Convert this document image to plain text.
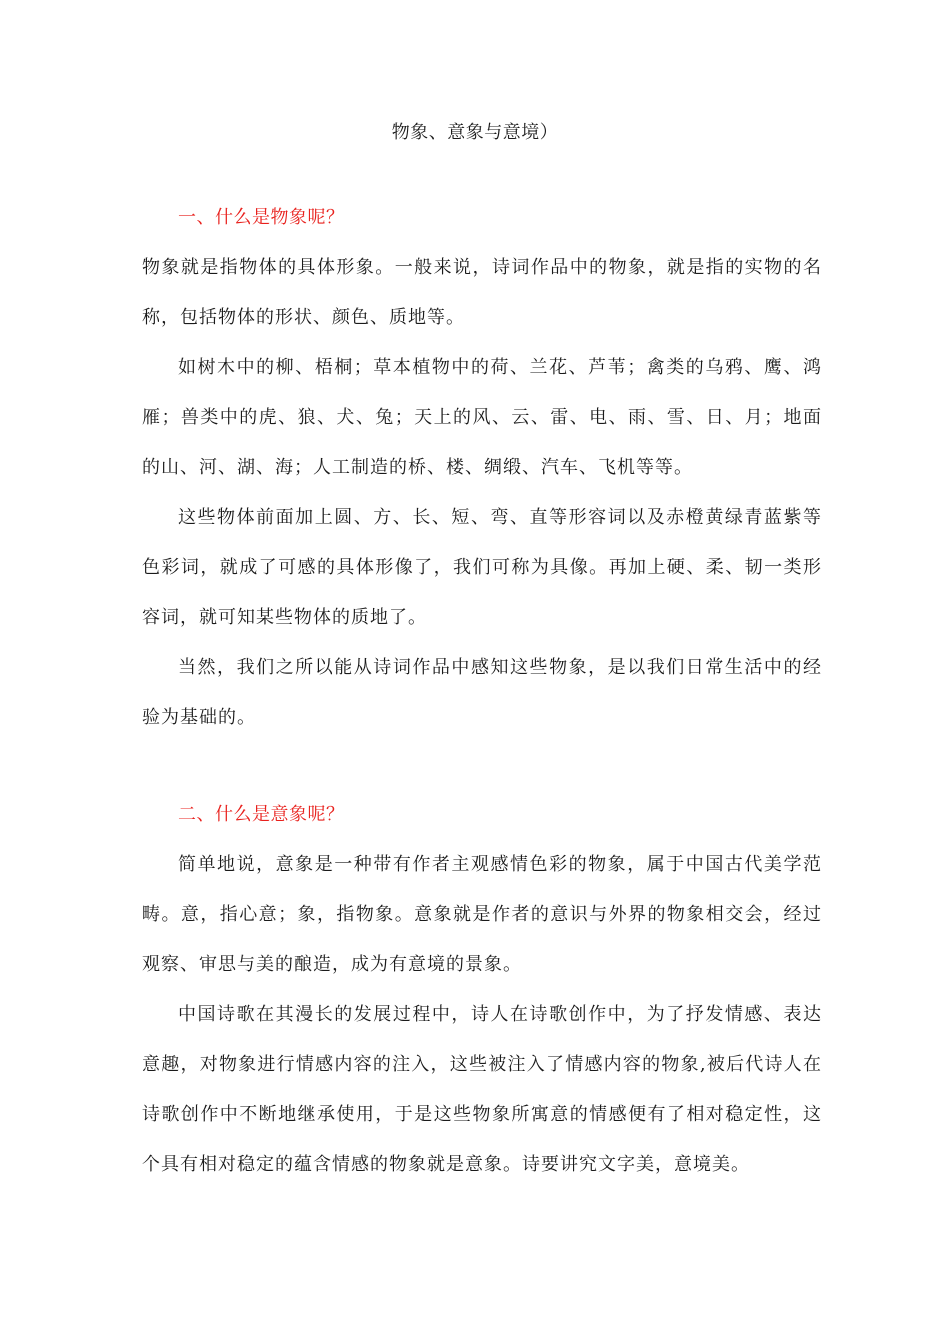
物象、意象与意境）
一、什么是物象呢？
物象就是指物体的具体形象。一般来说，诗词作品中的物象，就是指的实物的名称，包括物体的形状、颜色、质地等。
如树木中的柳、梧桐；草本植物中的荷、兰花、芦苇；禽类的乌鸦、鹰、鸿雁；兽类中的虎、狼、犬、兔；天上的风、云、雷、电、雨、雪、日、月；地面的山、河、湖、海；人工制造的桥、楼、绸缎、汽车、飞机等等。
这些物体前面加上圆、方、长、短、弯、直等形容词以及赤橙黄绿青蓝紫等色彩词，就成了可感的具体形像了，我们可称为具像。再加上硬、柔、韧一类形容词，就可知某些物体的质地了。
当然，我们之所以能从诗词作品中感知这些物象，是以我们日常生活中的经验为基础的。
二、什么是意象呢？
简单地说，意象是一种带有作者主观感情色彩的物象，属于中国古代美学范畴。意，指心意；象，指物象。意象就是作者的意识与外界的物象相交会，经过观察、审思与美的酿造，成为有意境的景象。
中国诗歌在其漫长的发展过程中，诗人在诗歌创作中，为了抒发情感、表达意趣，对物象进行情感内容的注入，这些被注入了情感内容的物象,被后代诗人在诗歌创作中不断地继承使用，于是这些物象所寓意的情感便有了相对稳定性，这个具有相对稳定的蕴含情感的物象就是意象。诗要讲究文字美，意境美。
